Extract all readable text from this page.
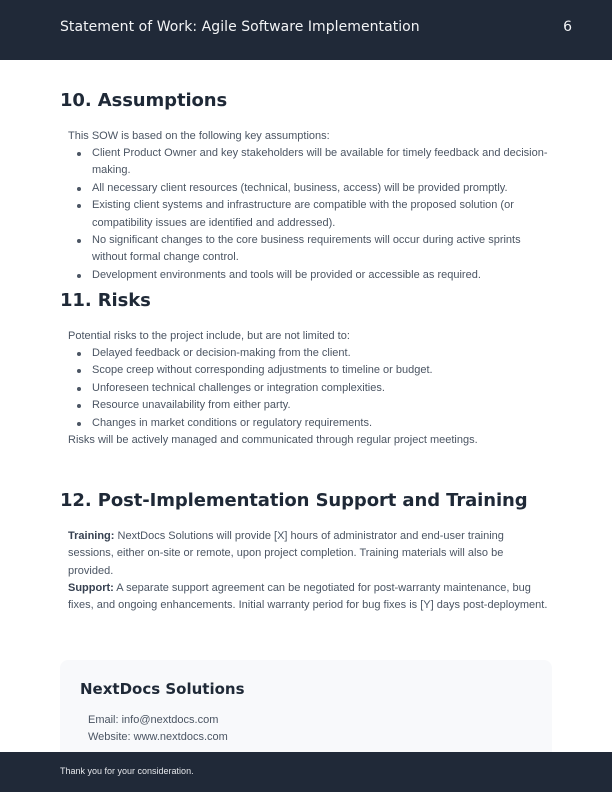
Statement of Work: Agile Software Implementation	6
10. Assumptions
This SOW is based on the following key assumptions:
Client Product Owner and key stakeholders will be available for timely feedback and decision-making.
All necessary client resources (technical, business, access) will be provided promptly.
Existing client systems and infrastructure are compatible with the proposed solution (or compatibility issues are identified and addressed).
No significant changes to the core business requirements will occur during active sprints without formal change control.
Development environments and tools will be provided or accessible as required.
11. Risks
Potential risks to the project include, but are not limited to:
Delayed feedback or decision-making from the client.
Scope creep without corresponding adjustments to timeline or budget.
Unforeseen technical challenges or integration complexities.
Resource unavailability from either party.
Changes in market conditions or regulatory requirements.
Risks will be actively managed and communicated through regular project meetings.
12. Post-Implementation Support and Training
Training: NextDocs Solutions will provide [X] hours of administrator and end-user training sessions, either on-site or remote, upon project completion. Training materials will also be provided.
Support: A separate support agreement can be negotiated for post-warranty maintenance, bug fixes, and ongoing enhancements. Initial warranty period for bug fixes is [Y] days post-deployment.
NextDocs Solutions
Email: info@nextdocs.com
Website: www.nextdocs.com
Thank you for your consideration.
